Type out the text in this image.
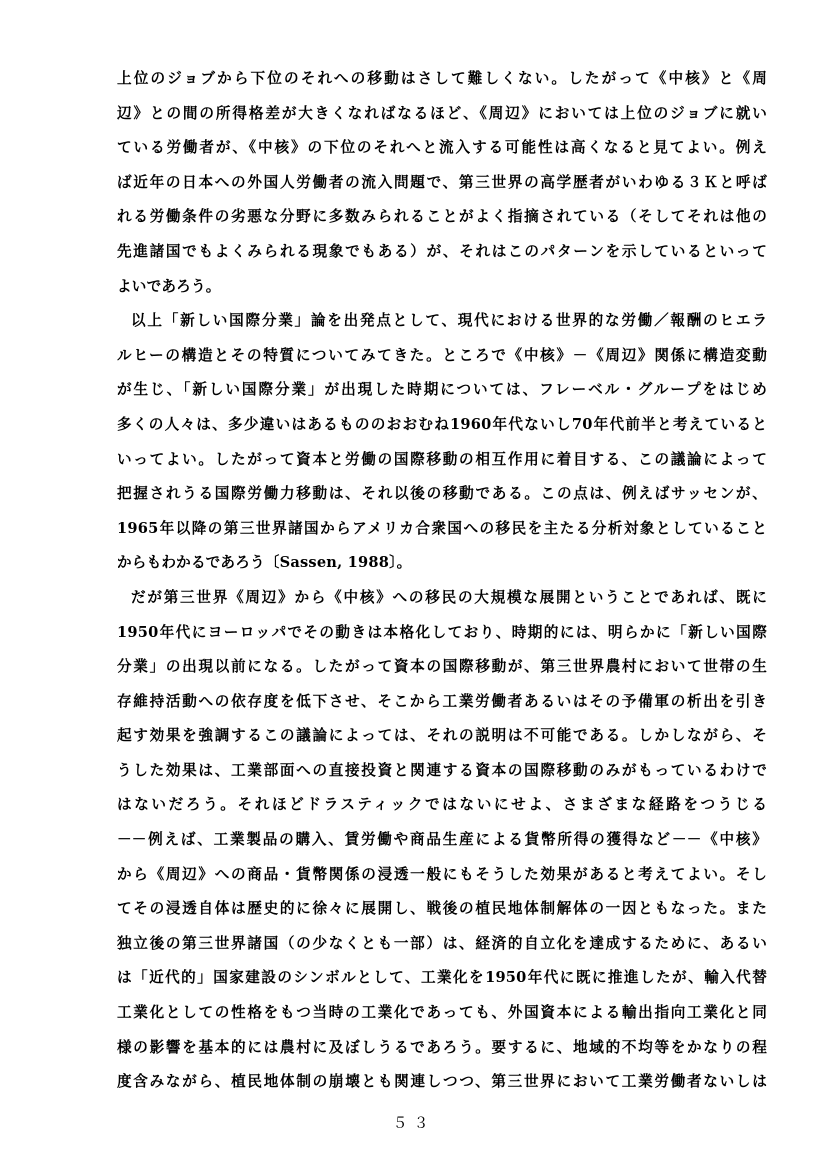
上位のジョブから下位のそれへの移動はさして難しくない。したがって《中核》と《周
辺》との間の所得格差が大きくなればなるほど、《周辺》においては上位のジョブに就い
ている労働者が、《中核》の下位のそれへと流入する可能性は高くなると見てよい。例え
ば近年の日本への外国人労働者の流入問題で、第三世界の高学歴者がいわゆる３Ｋと呼ば
れる労働条件の劣悪な分野に多数みられることがよく指摘されている（そしてそれは他の
先進諸国でもよくみられる現象でもある）が、それはこのパターンを示しているといって
よいであろう。
以上「新しい国際分業」論を出発点として、現代における世界的な労働／報酬のヒエラ
ルヒーの構造とその特質についてみてきた。ところで《中核》－《周辺》関係に構造変動
が生じ、「新しい国際分業」が出現した時期については、フレーベル・グループをはじめ
多くの人々は、多少違いはあるもののおおむね1960年代ないし70年代前半と考えていると
いってよい。したがって資本と労働の国際移動の相互作用に着目する、この議論によって
把握されうる国際労働力移動は、それ以後の移動である。この点は、例えばサッセンが、
1965年以降の第三世界諸国からアメリカ合衆国への移民を主たる分析対象としていること
からもわかるであろう〔Sassen, 1988〕。
だが第三世界《周辺》から《中核》への移民の大規模な展開ということであれば、既に
1950年代にヨーロッパでその動きは本格化しており、時期的には、明らかに「新しい国際
分業」の出現以前になる。したがって資本の国際移動が、第三世界農村において世帯の生
存維持活動への依存度を低下させ、そこから工業労働者あるいはその予備軍の析出を引き
起す効果を強調するこの議論によっては、それの説明は不可能である。しかしながら、そ
うした効果は、工業部面への直接投資と関連する資本の国際移動のみがもっているわけで
はないだろう。それほどドラスティックではないにせよ、さまざまな経路をつうじる
－－例えば、工業製品の購入、賃労働や商品生産による貨幣所得の獲得など－－《中核》
から《周辺》への商品・貨幣関係の浸透一般にもそうした効果があると考えてよい。そし
てその浸透自体は歴史的に徐々に展開し、戦後の植民地体制解体の一因ともなった。また
独立後の第三世界諸国（の少なくとも一部）は、経済的自立化を達成するために、あるい
は「近代的」国家建設のシンボルとして、工業化を1950年代に既に推進したが、輸入代替
工業化としての性格をもつ当時の工業化であっても、外国資本による輸出指向工業化と同
様の影響を基本的には農村に及ぼしうるであろう。要するに、地域的不均等をかなりの程
度含みながら、植民地体制の崩壊とも関連しつつ、第三世界において工業労働者ないしは
５３
